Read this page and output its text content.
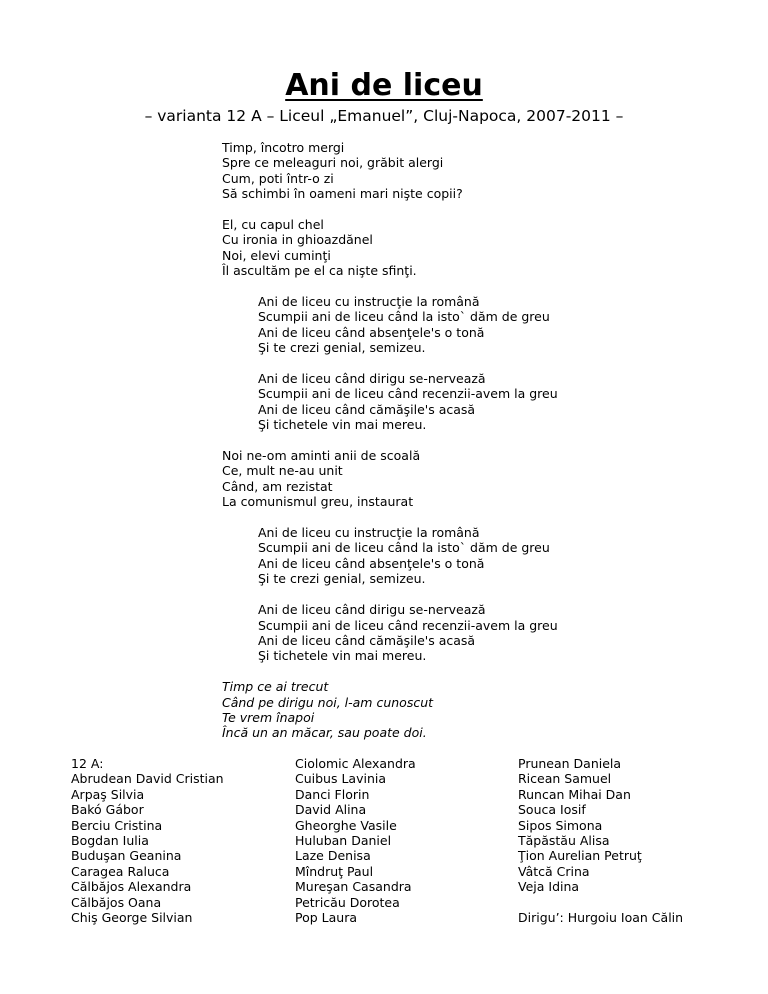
Ani de liceu
– varianta 12 A – Liceul „Emanuel”, Cluj-Napoca, 2007-2011 –
Timp, încotro mergi
Spre ce meleaguri noi, grăbit alergi
Cum, poti într-o zi
Să schimbi în oameni mari nişte copii?
El, cu capul chel
Cu ironia in ghioazdănel
Noi, elevi cuminţi
Îl ascultăm pe el ca nişte sfinţi.
Ani de liceu cu instrucţie la română
Scumpii ani de liceu când la isto` dăm de greu
Ani de liceu când absenţele's o tonă
Şi te crezi genial, semizeu.
Ani de liceu când dirigu se-nervează
Scumpii ani de liceu când recenzii-avem la greu
Ani de liceu când cămăşile's acasă
Şi tichetele vin mai mereu.
Noi ne-om aminti anii de scoală
Ce, mult ne-au unit
Când, am rezistat
La comunismul greu, instaurat
Ani de liceu cu instrucţie la română
Scumpii ani de liceu când la isto` dăm de greu
Ani de liceu când absenţele's o tonă
Şi te crezi genial, semizeu.
Ani de liceu când dirigu se-nervează
Scumpii ani de liceu când recenzii-avem la greu
Ani de liceu când cămăşile's acasă
Şi tichetele vin mai mereu.
Timp ce ai trecut
Când pe dirigu noi, l-am cunoscut
Te vrem înapoi
Încă un an măcar, sau poate doi.
12 A:
Abrudean David Cristian
Arpaş Silvia
Bakó Gábor
Berciu Cristina
Bogdan Iulia
Buduşan Geanina
Caragea Raluca
Călbăjos Alexandra
Călbăjos Oana
Chiş George Silvian
Ciolomic Alexandra
Cuibus Lavinia
Danci Florin
David Alina
Gheorghe Vasile
Huluban Daniel
Laze Denisa
Mîndruţ Paul
Mureşan Casandra
Petricău Dorotea
Pop Laura
Prunean Daniela
Ricean Samuel
Runcan Mihai Dan
Souca Iosif
Sipos Simona
Tăpăstău Alisa
Ţion Aurelian Petruţ
Vâtcă Crina
Veja Idina
Dirigu’: Hurgoiu Ioan Călin
